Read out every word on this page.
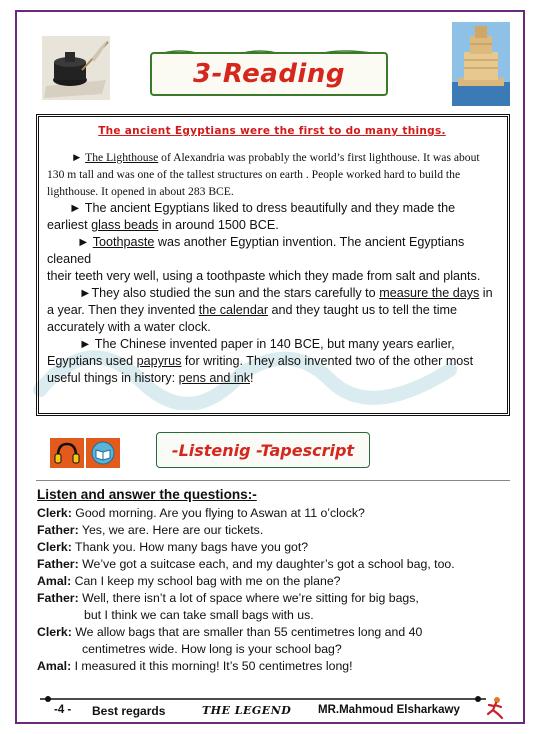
3-Reading
The ancient Egyptians were the first to do many things.

► The Lighthouse of Alexandria was probably the world’s first lighthouse. It was about 130 m tall and was one of the tallest structures on earth . People worked hard to build the lighthouse. It opened in about 283 BCE.

► The ancient Egyptians liked to dress beautifully and they made the earliest glass beads in around 1500 BCE.

► Toothpaste was another Egyptian invention. The ancient Egyptians cleaned

their teeth very well, using a toothpaste which they made from salt and plants.

►They also studied the sun and the stars carefully to measure the days in a year. Then they invented the calendar and they taught us to tell the time accurately with a water clock.

► The Chinese invented paper in 140 BCE, but many years earlier, Egyptians used papyrus for writing. They also invented two of the other most useful things in history: pens and ink!

-Listenig -Tapescript
Listen and answer the questions:-

Clerk: Good morning. Are you flying to Aswan at 11 o’clock?

Father: Yes, we are. Here are our tickets.

Clerk: Thank you. How many bags have you got?

Father: We’ve got a suitcase each, and my daughter’s got a school bag, too.

Amal: Can I keep my school bag with me on the plane?

Father: Well, there isn’t a lot of space where we’re sitting for big bags,

but I think we can take small bags with us.

Clerk: We allow bags that are smaller than 55 centimetres long and 40

centimetres wide. How long is your school bag?

Amal: I measured it this morning! It’s 50 centimetres long!

-4 - Best regards	THE LEGEND MR.Mahmoud Elsharkawy
